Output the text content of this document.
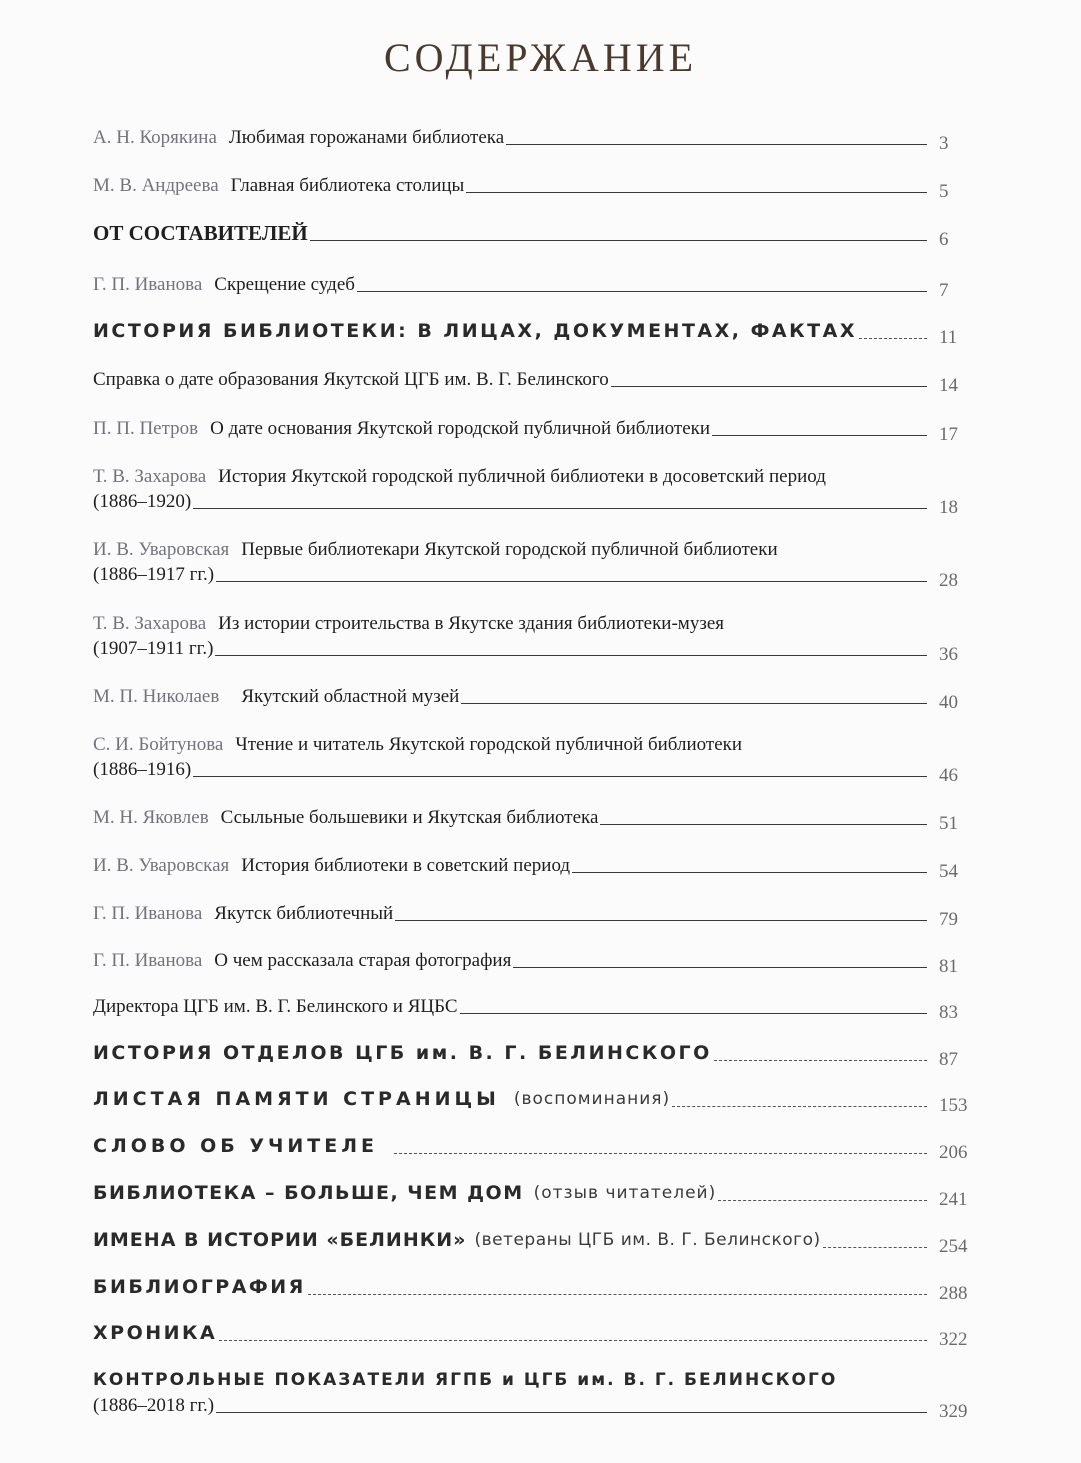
СОДЕРЖАНИЕ
А. Н. Корякина Любимая горожанами библиотека	3
М. В. Андреева Главная библиотека столицы	5
ОТ СОСТАВИТЕЛЕЙ	6
Г. П. Иванова Скрещение судеб	7
ИСТОРИЯ БИБЛИОТЕКИ: В ЛИЦАХ, ДОКУМЕНТАХ, ФАКТАХ	11
Справка о дате образования Якутской ЦГБ им. В. Г. Белинского	14
П. П. Петров О дате основания Якутской городской публичной библиотеки	17
Т. В. Захарова История Якутской городской публичной библиотеки в досоветский период
(1886–1920)	18
И. В. Уваровская Первые библиотекари Якутской городской публичной библиотеки
(1886–1917 гг.)	28
Т. В. Захарова Из истории строительства в Якутске здания библиотеки-музея
(1907–1911 гг.)	36
М. П. Николаев Якутский областной музей	40
С. И. Бойтунова Чтение и читатель Якутской городской публичной библиотеки
(1886–1916)	46
М. Н. Яковлев Ссыльные большевики и Якутская библиотека	51
И. В. Уваровская История библиотеки в советский период	54
Г. П. Иванова Якутск библиотечный	79
Г. П. Иванова О чем рассказала старая фотография	81
Директора ЦГБ им. В. Г. Белинского и ЯЦБС	83
ИСТОРИЯ ОТДЕЛОВ ЦГБ им. В. Г. БЕЛИНСКОГО	87
ЛИСТАЯ ПАМЯТИ СТРАНИЦЫ (воспоминания)	153
СЛОВО ОБ УЧИТЕЛЕ	206
БИБЛИОТЕКА – БОЛЬШЕ, ЧЕМ ДОМ (отзыв читателей)	241
ИМЕНА В ИСТОРИИ «БЕЛИНКИ» (ветераны ЦГБ им. В. Г. Белинского)	254
БИБЛИОГРАФИЯ	288
ХРОНИКА	322
КОНТРОЛЬНЫЕ ПОКАЗАТЕЛИ ЯГПБ и ЦГБ им. В. Г. БЕЛИНСКОГО
(1886–2018 гг.)	329
